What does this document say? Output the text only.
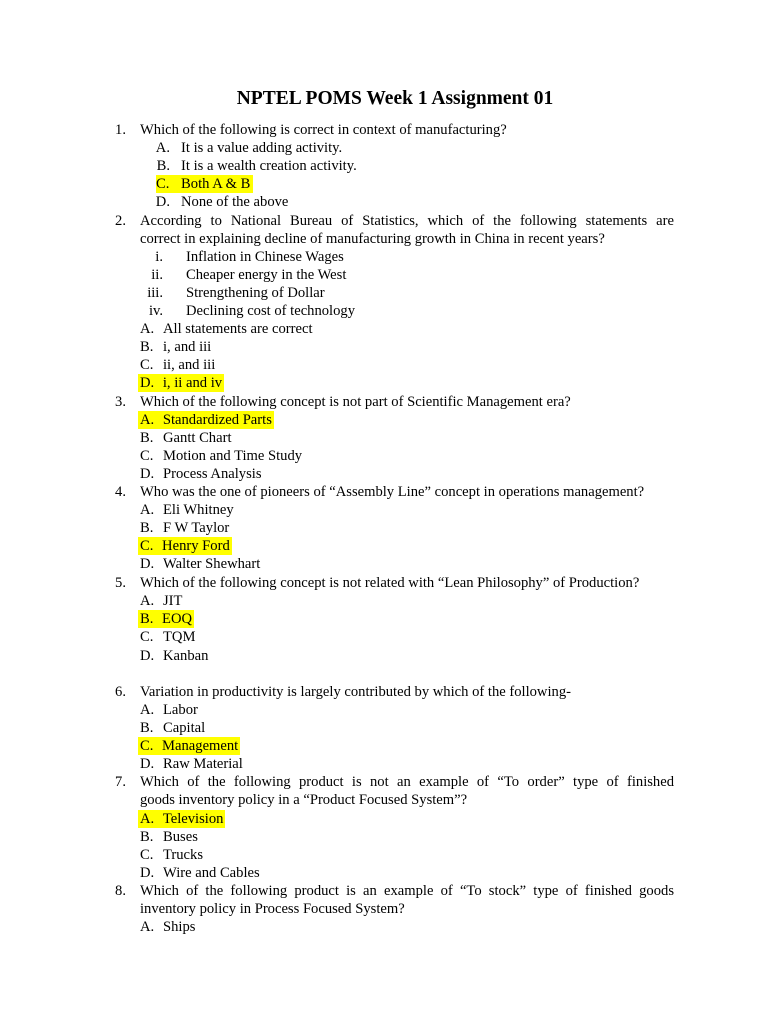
NPTEL POMS Week 1 Assignment 01
1. Which of the following is correct in context of manufacturing?
A. It is a value adding activity.
B. It is a wealth creation activity.
C. Both A & B
D. None of the above
2. According to National Bureau of Statistics, which of the following statements are
correct in explaining decline of manufacturing growth in China in recent years?
i. Inflation in Chinese Wages
ii. Cheaper energy in the West
iii. Strengthening of Dollar
iv. Declining cost of technology
A. All statements are correct
B. i, and iii
C. ii, and iii
D. i, ii and iv
3. Which of the following concept is not part of Scientific Management era?
A. Standardized Parts
B. Gantt Chart
C. Motion and Time Study
D. Process Analysis
4. Who was the one of pioneers of “Assembly Line” concept in operations management?
A. Eli Whitney
B. F W Taylor
C. Henry Ford
D. Walter Shewhart
5. Which of the following concept is not related with “Lean Philosophy” of Production?
A. JIT
B. EOQ
C. TQM
D. Kanban
6. Variation in productivity is largely contributed by which of the following-
A. Labor
B. Capital
C. Management
D. Raw Material
7. Which of the following product is not an example of “To order” type of finished
goods inventory policy in a “Product Focused System”?
A. Television
B. Buses
C. Trucks
D. Wire and Cables
8. Which of the following product is an example of “To stock” type of finished goods
inventory policy in Process Focused System?
A. Ships
